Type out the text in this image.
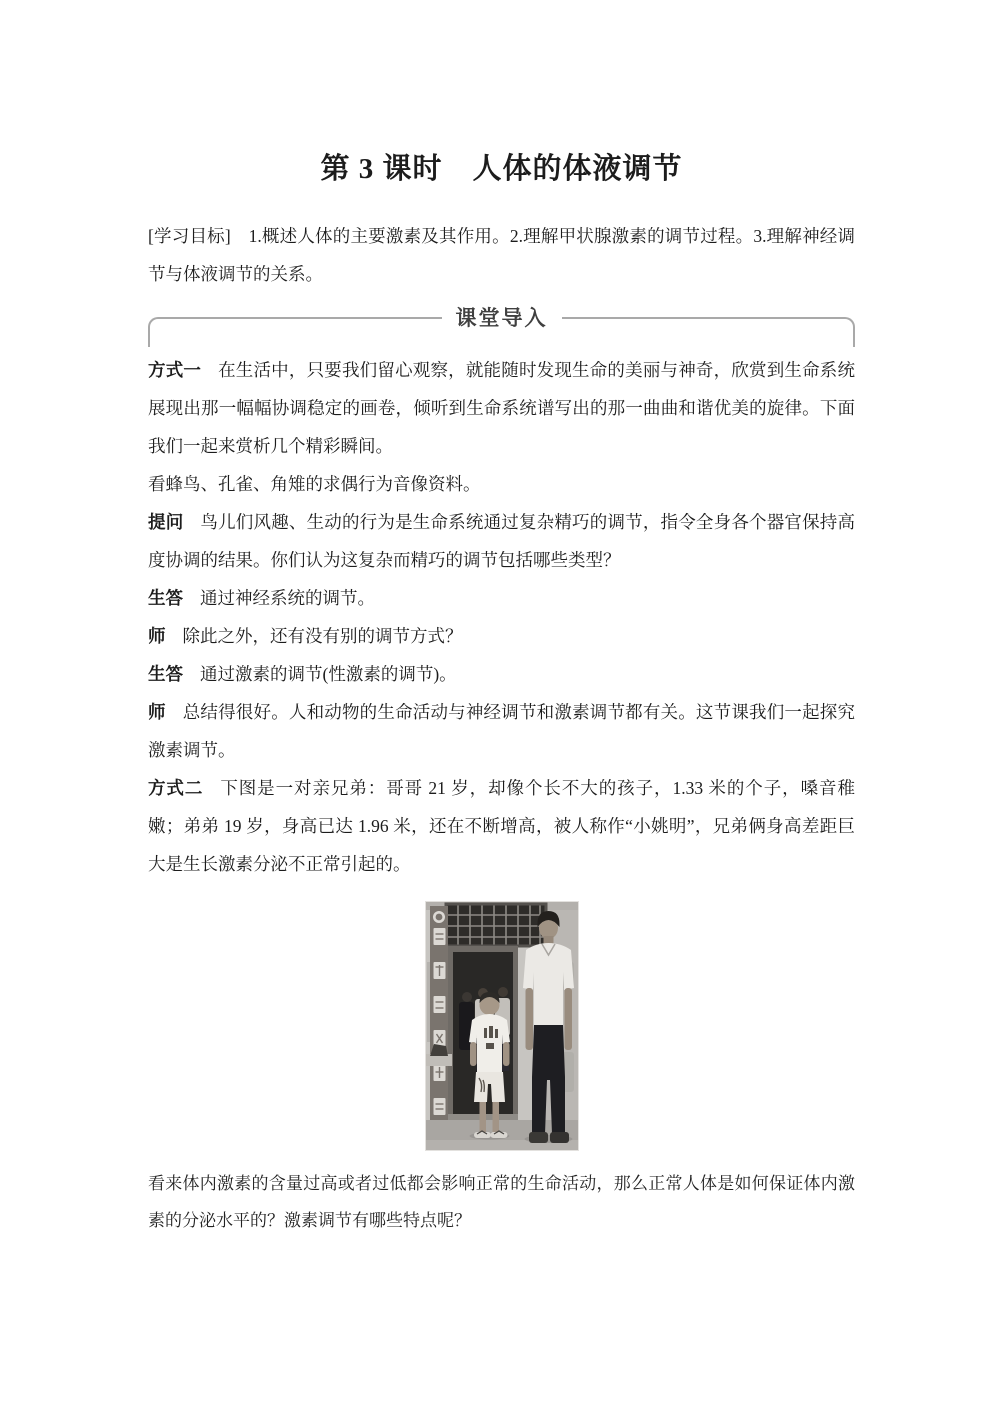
第 3 课时　人体的体液调节

[学习目标]　1.概述人体的主要激素及其作用。2.理解甲状腺激素的调节过程。3.理解神经调节与体液调节的关系。

课堂导入

方式一 在生活中，只要我们留心观察，就能随时发现生命的美丽与神奇，欣赏到生命系统展现出那一幅幅协调稳定的画卷，倾听到生命系统谱写出的那一曲曲和谐优美的旋律。下面我们一起来赏析几个精彩瞬间。

看蜂鸟、孔雀、角雉的求偶行为音像资料。

提问 鸟儿们风趣、生动的行为是生命系统通过复杂精巧的调节，指令全身各个器官保持高度协调的结果。你们认为这复杂而精巧的调节包括哪些类型？

生答 通过神经系统的调节。

师 除此之外，还有没有别的调节方式？

生答 通过激素的调节(性激素的调节)。

师 总结得很好。人和动物的生命活动与神经调节和激素调节都有关。这节课我们一起探究激素调节。

方式二 下图是一对亲兄弟：哥哥 21 岁，却像个长不大的孩子，1.33 米的个子，嗓音稚嫩；弟弟 19 岁，身高已达 1.96 米，还在不断增高，被人称作“小姚明”，兄弟俩身高差距巨大是生长激素分泌不正常引起的。

看来体内激素的含量过高或者过低都会影响正常的生命活动，那么正常人体是如何保证体内激素的分泌水平的？激素调节有哪些特点呢？
